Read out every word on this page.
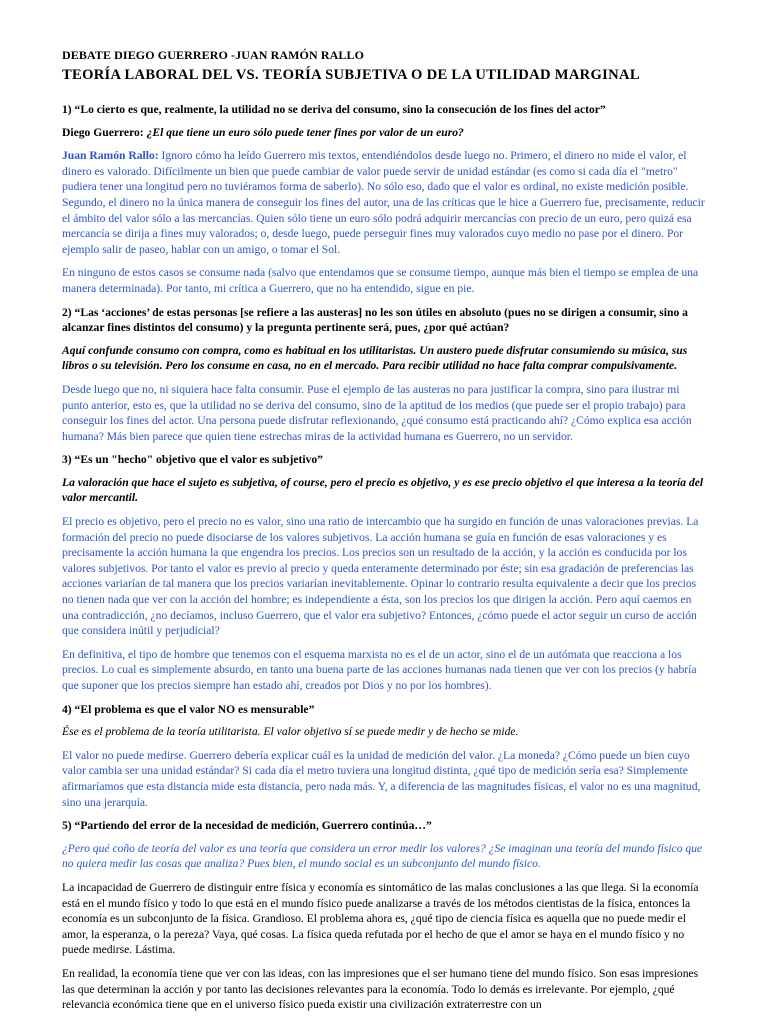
DEBATE DIEGO GUERRERO -JUAN RAMÓN RALLO
TEORÍA LABORAL DEL VS. TEORÍA SUBJETIVA O DE LA UTILIDAD MARGINAL

1) “Lo cierto es que, realmente, la utilidad no se deriva del consumo, sino la consecución de los fines del actor”

Diego Guerrero: ¿El que tiene un euro sólo puede tener fines por valor de un euro?

Juan Ramón Rallo: Ignoro cómo ha leído Guerrero mis textos, entendiéndolos desde luego no. Primero, el dinero no mide el valor, el dinero es valorado. Difícilmente un bien que puede cambiar de valor puede servir de unidad estándar (es como si cada día el "metro" pudiera tener una longitud pero no tuviéramos forma de saberlo). No sólo eso, dado que el valor es ordinal, no existe medición posible. Segundo, el dinero no la única manera de conseguir los fines del autor, una de las críticas que le hice a Guerrero fue, precisamente, reducir el ámbito del valor sólo a las mercancías. Quien sólo tiene un euro sólo podrá adquirir mercancías con precio de un euro, pero quizá esa mercancía se dirija a fines muy valorados; o, desde luego, puede perseguir fines muy valorados cuyo medio no pase por el dinero. Por ejemplo salir de paseo, hablar con un amigo, o tomar el Sol.

En ninguno de estos casos se consume nada (salvo que entendamos que se consume tiempo, aunque más bien el tiempo se emplea de una manera determinada). Por tanto, mi crítica a Guerrero, que no ha entendido, sigue en pie.

2) “Las ‘acciones’ de estas personas [se refiere a las austeras] no les son útiles en absoluto (pues no se dirigen a consumir, sino a alcanzar fines distintos del consumo) y la pregunta pertinente será, pues, ¿por qué actúan?

Aquí confunde consumo con compra, como es habitual en los utilitaristas. Un austero puede disfrutar consumiendo su música, sus libros o su televisión. Pero los consume en casa, no en el mercado. Para recibir utilidad no hace falta comprar compulsivamente.

Desde luego que no, ni siquiera hace falta consumir. Puse el ejemplo de las austeras no para justificar la compra, sino para ilustrar mi punto anterior, esto es, que la utilidad no se deriva del consumo, sino de la aptitud de los medios (que puede ser el propio trabajo) para conseguir los fines del actor. Una persona puede disfrutar reflexionando, ¿qué consumo está practicando ahí? ¿Cómo explica esa acción humana? Más bien parece que quien tiene estrechas miras de la actividad humana es Guerrero, no un servidor.

3) “Es un "hecho" objetivo que el valor es subjetivo”

La valoración que hace el sujeto es subjetiva, of course, pero el precio es objetivo, y es ese precio objetivo el que interesa a la teoría del valor mercantil.

El precio es objetivo, pero el precio no es valor, sino una ratio de intercambio que ha surgido en función de unas valoraciones previas. La formación del precio no puede disociarse de los valores subjetivos. La acción humana se guía en función de esas valoraciones y es precisamente la acción humana la que engendra los precios. Los precios son un resultado de la acción, y la acción es conducida por los valores subjetivos. Por tanto el valor es previo al precio y queda enteramente determinado por éste; sin esa gradación de preferencias las acciones variarían de tal manera que los precios variarían inevitablemente. Opinar lo contrario resulta equivalente a decir que los precios no tienen nada que ver con la acción del hombre; es independiente a ésta, son los precios los que dirigen la acción. Pero aquí caemos en una contradicción, ¿no decíamos, incluso Guerrero, que el valor era subjetivo? Entonces, ¿cómo puede el actor seguir un curso de acción que considera inútil y perjudicial?

En definitiva, el tipo de hombre que tenemos con el esquema marxista no es el de un actor, sino el de un autómata que reacciona a los precios. Lo cual es simplemente absurdo, en tanto una buena parte de las acciones humanas nada tienen que ver con los precios (y habría que suponer que los precios siempre han estado ahí, creados por Dios y no por los hombres).

4) “El problema es que el valor NO es mensurable”

Ése es el problema de la teoría utilitarista. El valor objetivo sí se puede medir y de hecho se mide.

El valor no puede medirse. Guerrero debería explicar cuál es la unidad de medición del valor. ¿La moneda? ¿Cómo puede un bien cuyo valor cambia ser una unidad estándar? Si cada día el metro tuviera una longitud distinta, ¿qué tipo de medición sería esa? Simplemente afirmaríamos que esta distancia mide esta distancia, pero nada más. Y, a diferencia de las magnitudes físicas, el valor no es una magnitud, sino una jerarquía.

5) “Partiendo del error de la necesidad de medición, Guerrero continúa…”

¿Pero qué coño de teoría del valor es una teoría que considera un error medir los valores? ¿Se imaginan una teoría del mundo físico que no quiera medir las cosas que analiza? Pues bien, el mundo social es un subconjunto del mundo físico.

La incapacidad de Guerrero de distinguir entre física y economía es sintomático de las malas conclusiones a las que llega. Si la economía está en el mundo físico y todo lo que está en el mundo físico puede analizarse a través de los métodos cientistas de la física, entonces la economía es un subconjunto de la física. Grandioso. El problema ahora es, ¿qué tipo de ciencia física es aquella que no puede medir el amor, la esperanza, o la pereza? Vaya, qué cosas. La física queda refutada por el hecho de que el amor se haya en el mundo físico y no puede medirse. Lástima.

En realidad, la economía tiene que ver con las ideas, con las impresiones que el ser humano tiene del mundo físico. Son esas impresiones las que determinan la acción y por tanto las decisiones relevantes para la economía. Todo lo demás es irrelevante. Por ejemplo, ¿qué relevancia económica tiene que en el universo físico pueda existir una civilización extraterrestre con un
